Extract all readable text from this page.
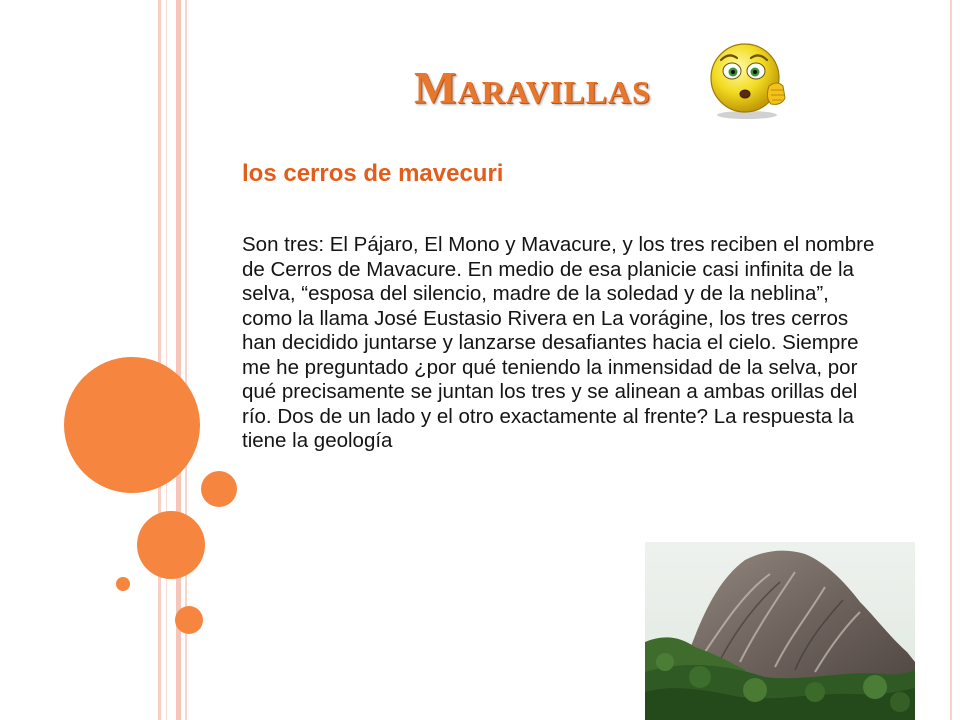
Maravillas
los cerros de mavecuri

Son tres: El Pájaro, El Mono y Mavacure, y los tres reciben el nombre de Cerros de Mavacure. En medio de esa planicie casi infinita de la selva, “esposa del silencio, madre de la soledad y de la neblina”, como la llama José Eustasio Rivera en La vorágine, los tres cerros han decidido juntarse y lanzarse desafiantes hacia el cielo. Siempre me he preguntado ¿por qué teniendo la inmensidad de la selva, por qué precisamente se juntan los tres y se alinean a ambas orillas del río. Dos de un lado y el otro exactamente al frente? La respuesta la tiene la geología
